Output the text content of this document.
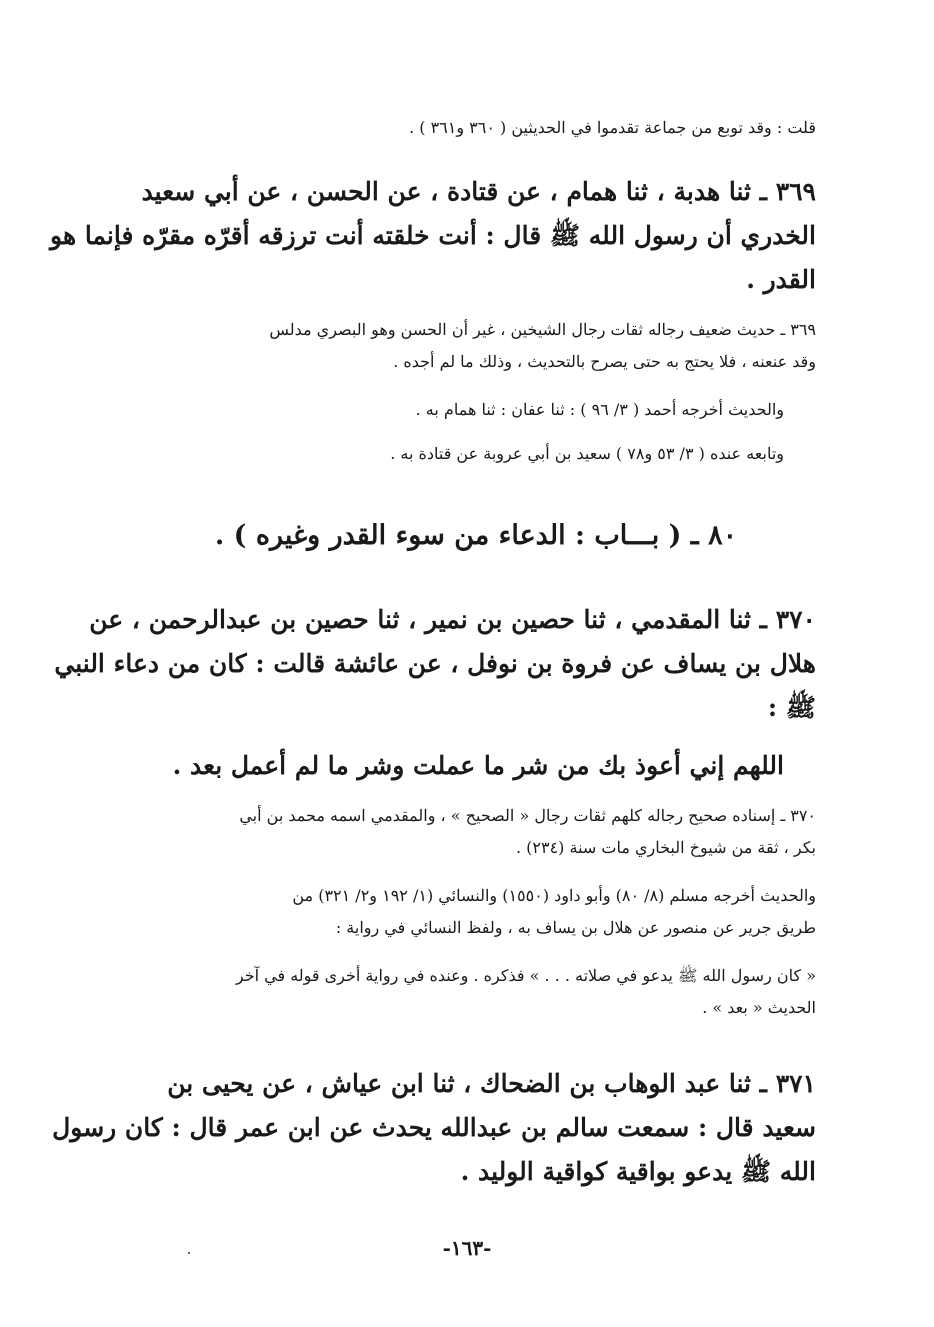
قلت : وقد توبع من جماعة تقدموا في الحديثين ( ٣٦٠ و٣٦١ ) .
٣٦٩ ـ ثنا هدبة ، ثنا همام ، عن قتادة ، عن الحسن ، عن أبي سعيد
الخدري أن رسول الله ﷺ قال : أنت خلقته أنت ترزقه أقرّه مقرّه فإنما هو
القدر .
٣٦٩ ـ حديث ضعيف رجاله ثقات رجال الشيخين ، غير أن الحسن وهو البصري مدلس
وقد عنعنه ، فلا يحتج به حتى يصرح بالتحديث ، وذلك ما لم أجده .
والحديث أخرجه أحمد ( ٣/ ٩٦ ) : ثنا عفان : ثنا همام به .
وتابعه عنده ( ٣/ ٥٣ و٧٨ ) سعيد بن أبي عروبة عن قتادة به .
٨٠ ـ ( بـــاب : الدعاء من سوء القدر وغيره ) .
٣٧٠ ـ ثنا المقدمي ، ثنا حصين بن نمير ، ثنا حصين بن عبدالرحمن ، عن
هلال بن يساف عن فروة بن نوفل ، عن عائشة قالت : كان من دعاء النبي
ﷺ :
اللهم إني أعوذ بك من شر ما عملت وشر ما لم أعمل بعد .
٣٧٠ ـ إسناده صحيح رجاله كلهم ثقات رجال « الصحيح » ، والمقدمي اسمه محمد بن أبي
بكر ، ثقة من شيوخ البخاري مات سنة (٢٣٤) .
والحديث أخرجه مسلم (٨/ ٨٠) وأبو داود (١٥٥٠) والنسائي (١/ ١٩٢ و٢/ ٣٢١) من
طريق جرير عن منصور عن هلال بن يساف به ، ولفظ النسائي في رواية :
« كان رسول الله ﷺ يدعو في صلاته . . . » فذكره . وعنده في رواية أخرى قوله في آخر
الحديث « بعد » .
٣٧١ ـ ثنا عبد الوهاب بن الضحاك ، ثنا ابن عياش ، عن يحيى بن
سعيد قال : سمعت سالم بن عبدالله يحدث عن ابن عمر قال : كان رسول
الله ﷺ يدعو بواقية كواقية الوليد .
-١٦٣-
